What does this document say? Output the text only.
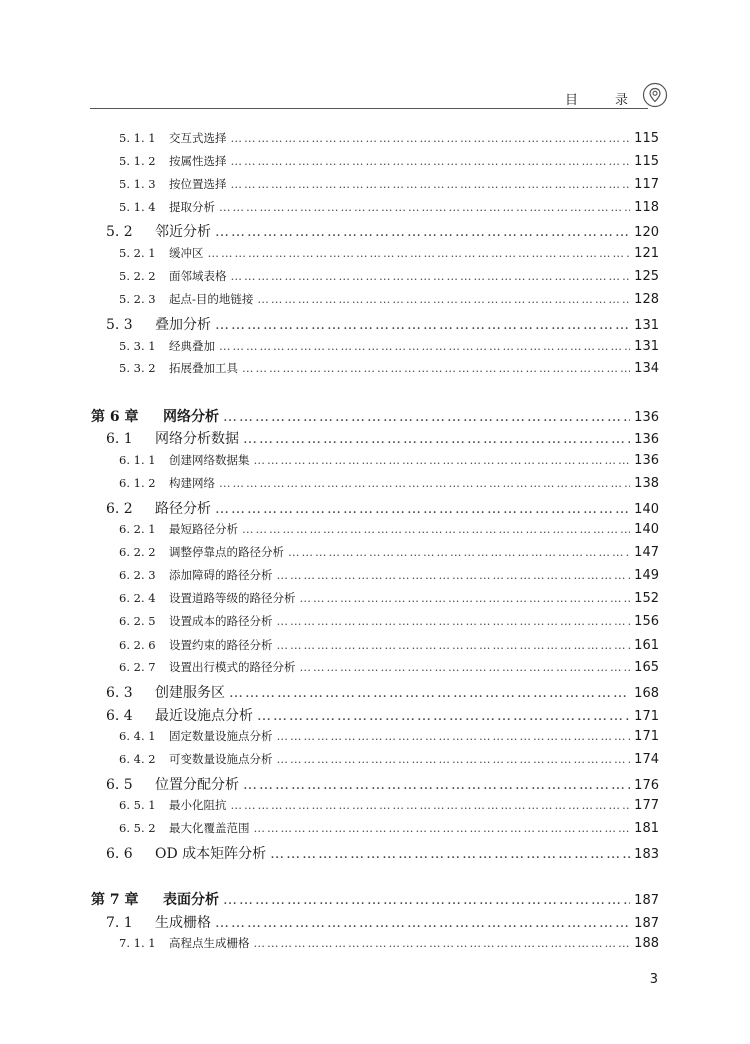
目　录
5. 1. 1 交互式选择 …………………………………………………………………………………………………………………………	115
5. 1. 2 按属性选择 …………………………………………………………………………………………………………………………	115
5. 1. 3 按位置选择 …………………………………………………………………………………………………………………………	117
5. 1. 4 提取分析 …………………………………………………………………………………………………………………………	118
5. 2	邻近分析 …………………………………………………………………………………………………………………………	120
5. 2. 1 缓冲区 …………………………………………………………………………………………………………………………	121
5. 2. 2 面邻域表格 …………………………………………………………………………………………………………………………	125
5. 2. 3 起点-目的地链接 …………………………………………………………………………………………………………………………	128
5. 3	叠加分析 …………………………………………………………………………………………………………………………	131
5. 3. 1 经典叠加 …………………………………………………………………………………………………………………………	131
5. 3. 2 拓展叠加工具 …………………………………………………………………………………………………………………………	134
第 6 章	网络分析 …………………………………………………………………………………………………………………………	136
6. 1	网络分析数据 …………………………………………………………………………………………………………………………	136
6. 1. 1 创建网络数据集 …………………………………………………………………………………………………………………………	136
6. 1. 2 构建网络 …………………………………………………………………………………………………………………………	138
6. 2	路径分析 …………………………………………………………………………………………………………………………	140
6. 2. 1 最短路径分析 …………………………………………………………………………………………………………………………	140
6. 2. 2 调整停靠点的路径分析 …………………………………………………………………………………………………………………………	147
6. 2. 3 添加障碍的路径分析 …………………………………………………………………………………………………………………………	149
6. 2. 4 设置道路等级的路径分析 …………………………………………………………………………………………………………………………	152
6. 2. 5 设置成本的路径分析 …………………………………………………………………………………………………………………………	156
6. 2. 6 设置约束的路径分析 …………………………………………………………………………………………………………………………	161
6. 2. 7 设置出行模式的路径分析 …………………………………………………………………………………………………………………………	165
6. 3	创建服务区 …………………………………………………………………………………………………………………………	168
6. 4	最近设施点分析 …………………………………………………………………………………………………………………………	171
6. 4. 1 固定数量设施点分析 …………………………………………………………………………………………………………………………	171
6. 4. 2 可变数量设施点分析 …………………………………………………………………………………………………………………………	174
6. 5	位置分配分析 …………………………………………………………………………………………………………………………	176
6. 5. 1 最小化阻抗 …………………………………………………………………………………………………………………………	177
6. 5. 2 最大化覆盖范围 …………………………………………………………………………………………………………………………	181
6. 6	OD 成本矩阵分析 …………………………………………………………………………………………………………………………	183
第 7 章	表面分析 …………………………………………………………………………………………………………………………	187
7. 1	生成栅格 …………………………………………………………………………………………………………………………	187
7. 1. 1 高程点生成栅格 …………………………………………………………………………………………………………………………	188
3
